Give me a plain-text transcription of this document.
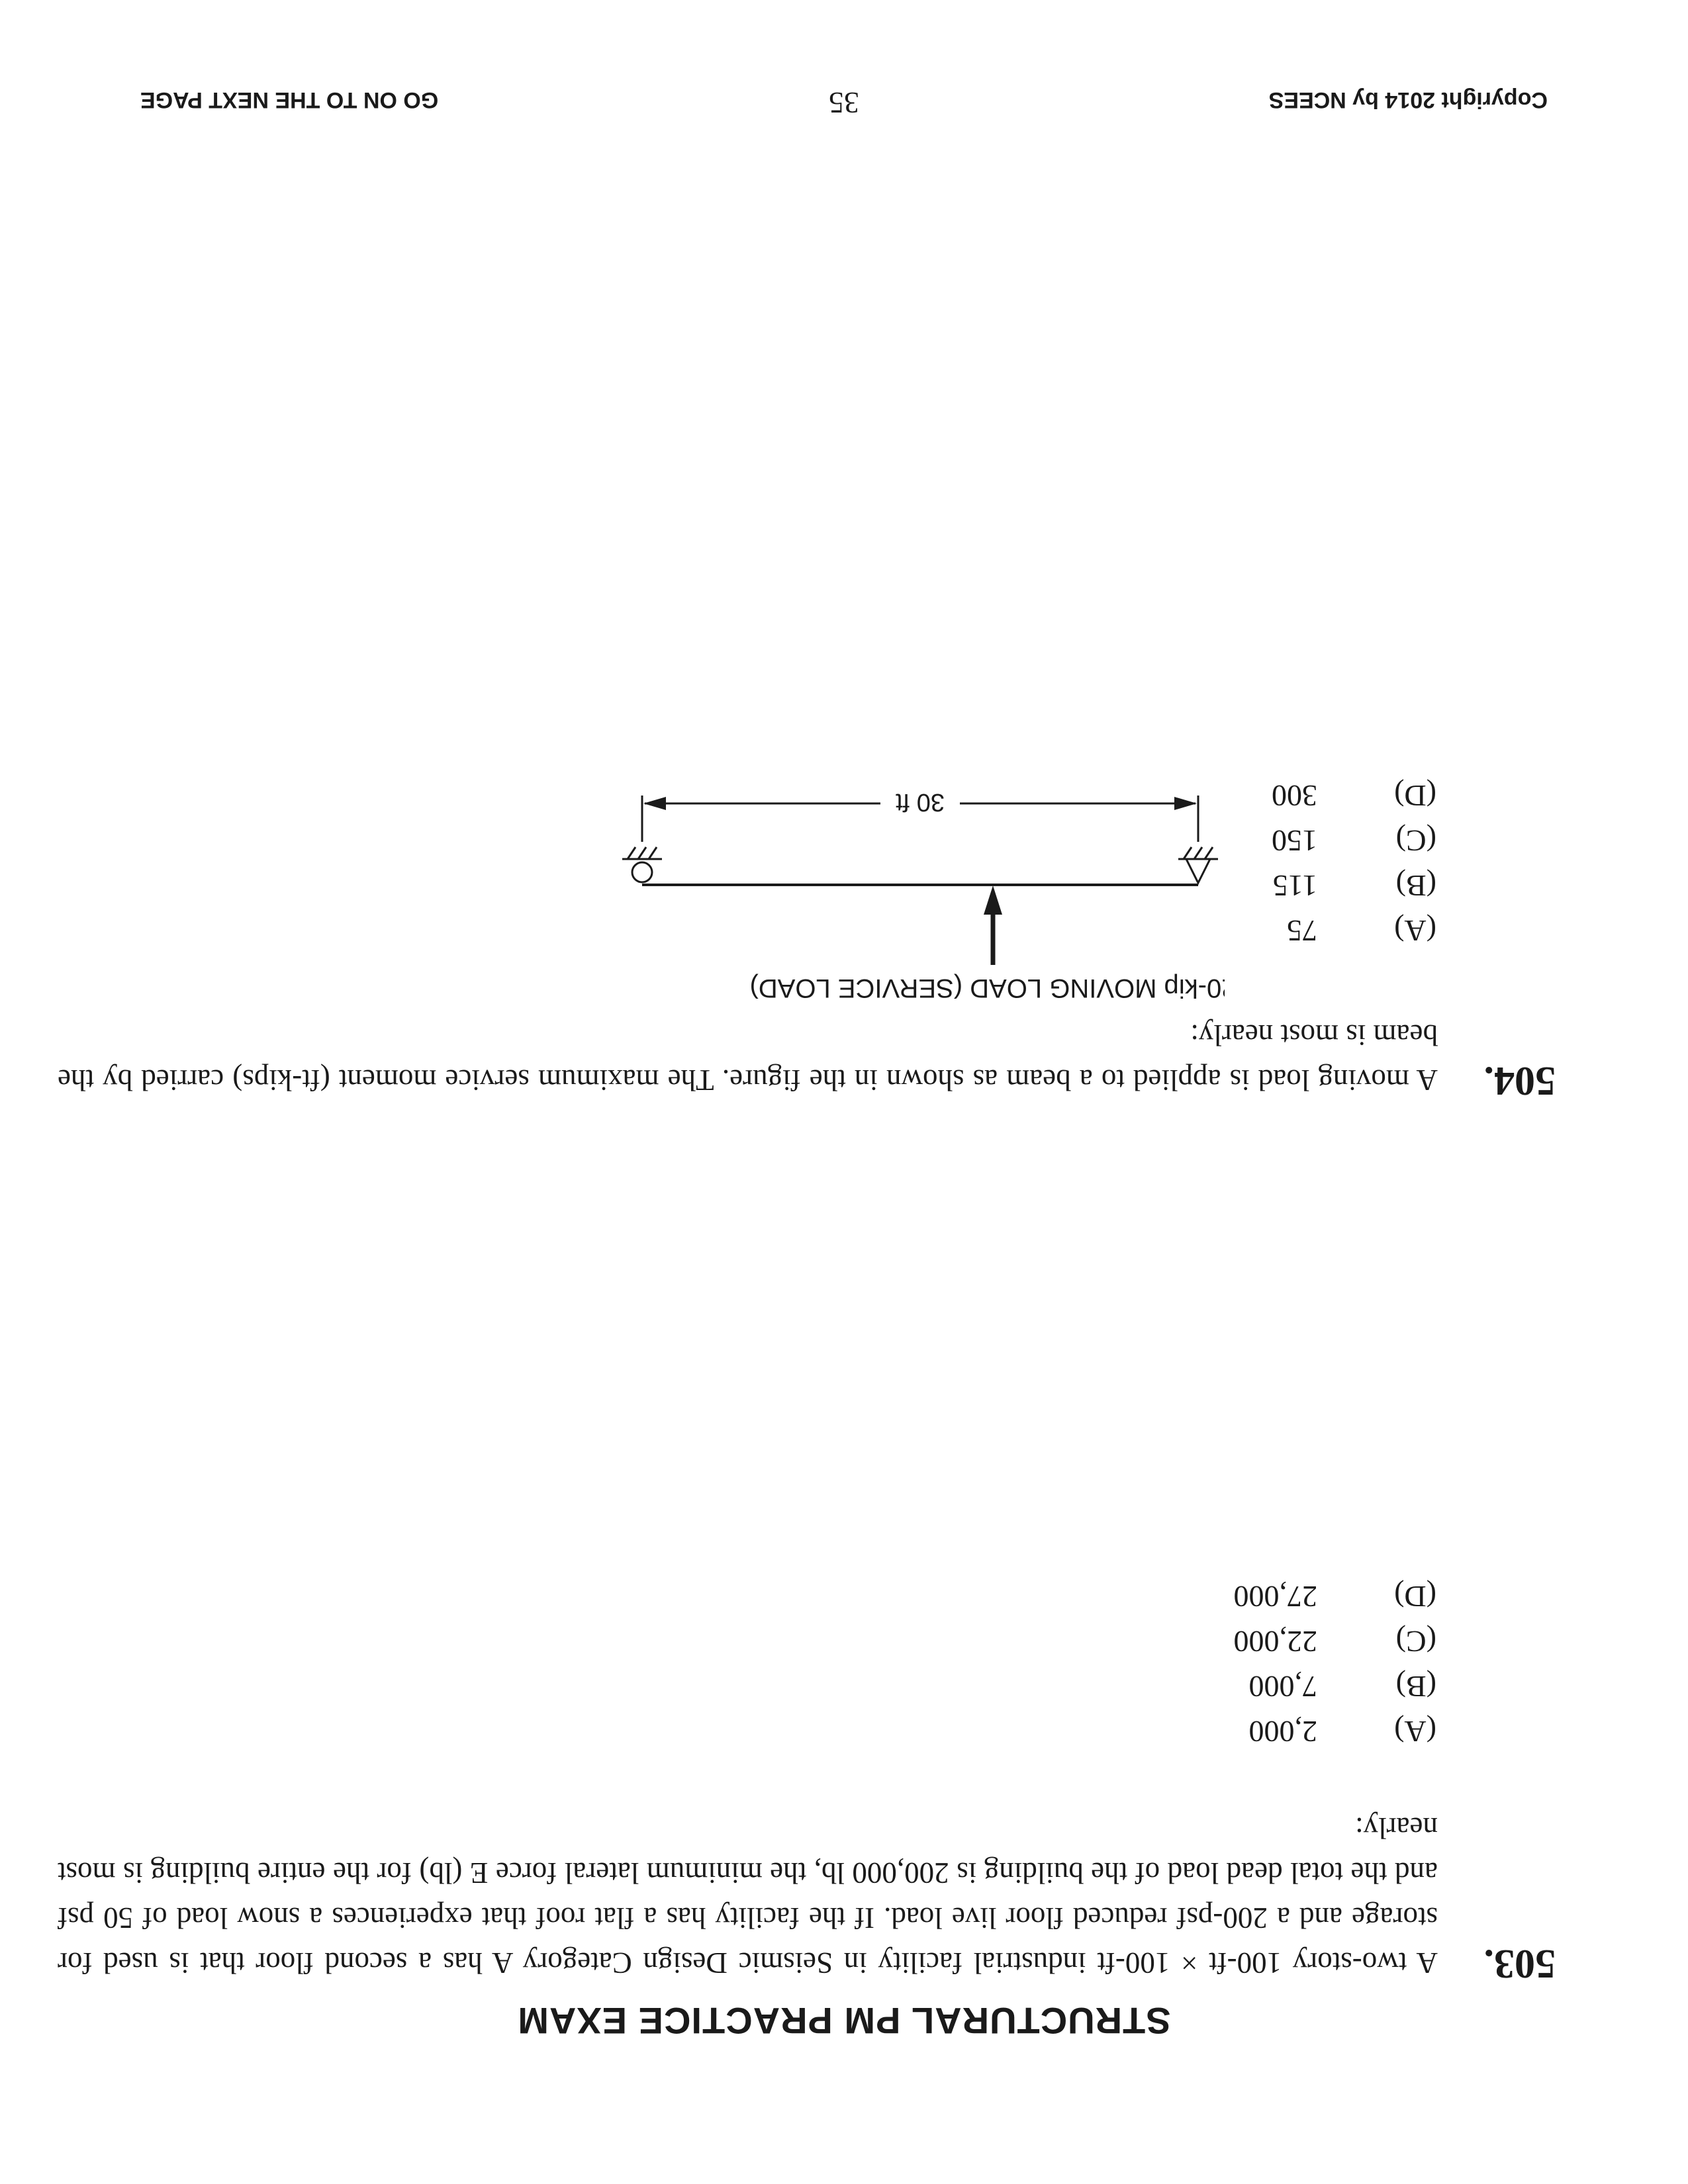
STRUCTURAL PM PRACTICE EXAM
503.
A two-story 100-ft × 100-ft industrial facility in Seismic Design Category A has a second floor that is used for storage and a 200-psf reduced floor live load. If the facility has a flat roof that experiences a snow load of 50 psf and the total dead load of the building is 200,000 lb, the minimum lateral force E (lb) for the entire building is most nearly:
(A)2,000
(B)7,000
(C)22,000
(D)27,000
504.
A moving load is applied to a beam as shown in the figure. The maximum service moment (ft-kips) carried by the beam is most nearly:
(A)75
(B)115
(C)150
(D)300
20-kip MOVING LOAD (SERVICE LOAD)
30 ft
Copyright 2014 by NCEES
35
GO ON TO THE NEXT PAGE
